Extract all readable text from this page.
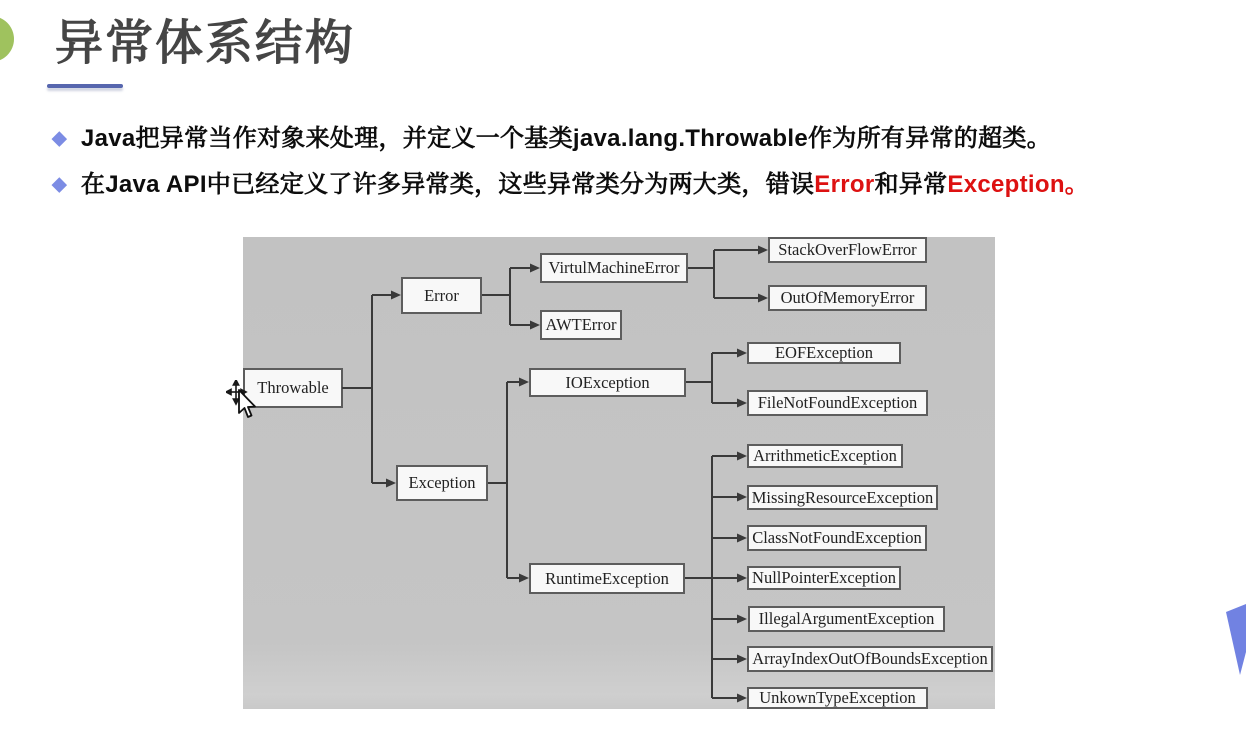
异常体系结构
◆ Java把异常当作对象来处理，并定义一个基类java.lang.Throwable作为所有异常的超类。
◆ 在Java API中已经定义了许多异常类，这些异常类分为两大类，错误Error和异常Exception。
Throwable
Error
Exception
VirtulMachineError
AWTError
IOException
RuntimeException
StackOverFlowError
OutOfMemoryError
EOFException
FileNotFoundException
ArrithmeticException
MissingResourceException
ClassNotFoundException
NullPointerException
IllegalArgumentException
ArrayIndexOutOfBoundsException
UnkownTypeException
